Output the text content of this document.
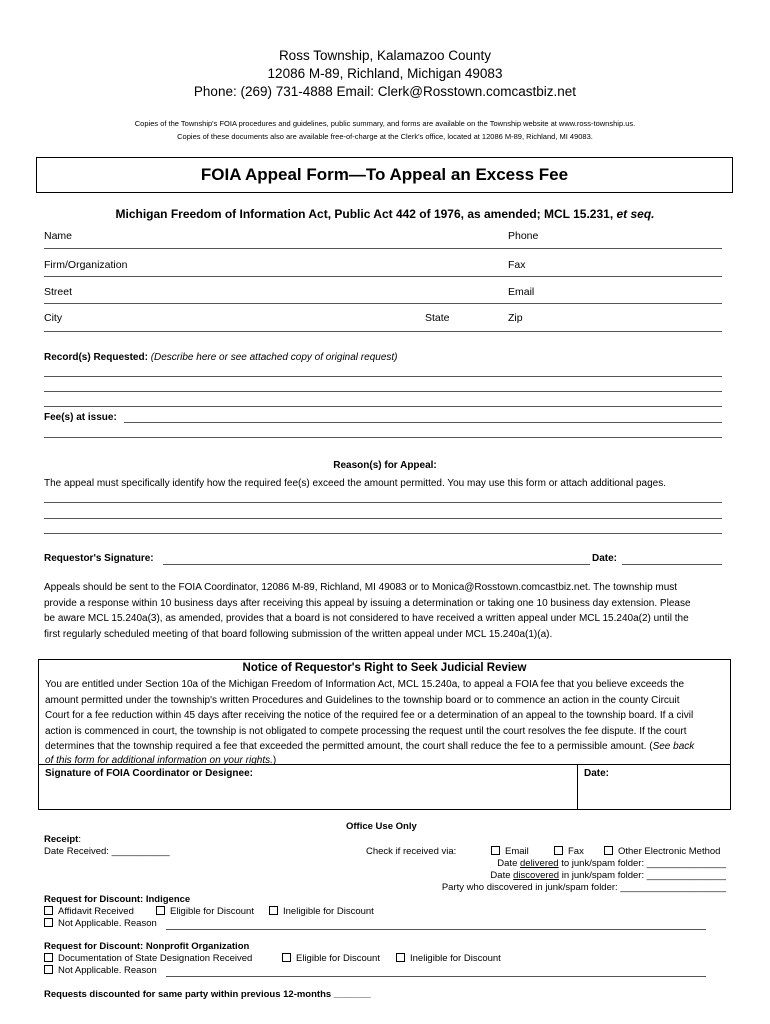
Ross Township, Kalamazoo County
12086 M-89, Richland, Michigan 49083
Phone: (269) 731-4888 Email: Clerk@Rosstown.comcastbiz.net
Copies of the Township's FOIA procedures and guidelines, public summary, and forms are available on the Township website at www.ross-township.us.
Copies of these documents also are available free-of-charge at the Clerk's office, located at 12086 M-89, Richland, MI 49083.
FOIA Appeal Form—To Appeal an Excess Fee
Michigan Freedom of Information Act, Public Act 442 of 1976, as amended; MCL 15.231, et seq.
Name	Phone
Firm/Organization	Fax
Street	Email
City	State	Zip
Record(s) Requested: (Describe here or see attached copy of original request)
Fee(s) at issue:
Reason(s) for Appeal:
The appeal must specifically identify how the required fee(s) exceed the amount permitted. You may use this form or attach additional pages.
Requestor's Signature:	Date:
Appeals should be sent to the FOIA Coordinator, 12086 M-89, Richland, MI 49083 or to Monica@Rosstown.comcastbiz.net. The township must
provide a response within 10 business days after receiving this appeal by issuing a determination or taking one 10 business day extension. Please
be aware MCL 15.240a(3), as amended, provides that a board is not considered to have received a written appeal under MCL 15.240a(2) until the
first regularly scheduled meeting of that board following submission of the written appeal under MCL 15.240a(1)(a).
Notice of Requestor's Right to Seek Judicial Review
You are entitled under Section 10a of the Michigan Freedom of Information Act, MCL 15.240a, to appeal a FOIA fee that you believe exceeds the
amount permitted under the township's written Procedures and Guidelines to the township board or to commence an action in the county Circuit
Court for a fee reduction within 45 days after receiving the notice of the required fee or a determination of an appeal to the township board. If a civil
action is commenced in court, the township is not obligated to compete processing the request until the court resolves the fee dispute. If the court
determines that the township required a fee that exceeded the permitted amount, the court shall reduce the fee to a permissible amount. (See back
of this form for additional information on your rights.)
Signature of FOIA Coordinator or Designee:	Date:
Office Use Only
Receipt:
Date Received: ___________	Check if received via:	Email	Fax	Other Electronic Method
Date delivered to junk/spam folder: _______________
Date discovered in junk/spam folder: _______________
Party who discovered in junk/spam folder: ____________________
Request for Discount: Indigence
Affidavit Received	Eligible for Discount	Ineligible for Discount
Not Applicable. Reason
Request for Discount: Nonprofit Organization
Documentation of State Designation Received	Eligible for Discount	Ineligible for Discount
Not Applicable. Reason
Requests discounted for same party within previous 12-months _______
